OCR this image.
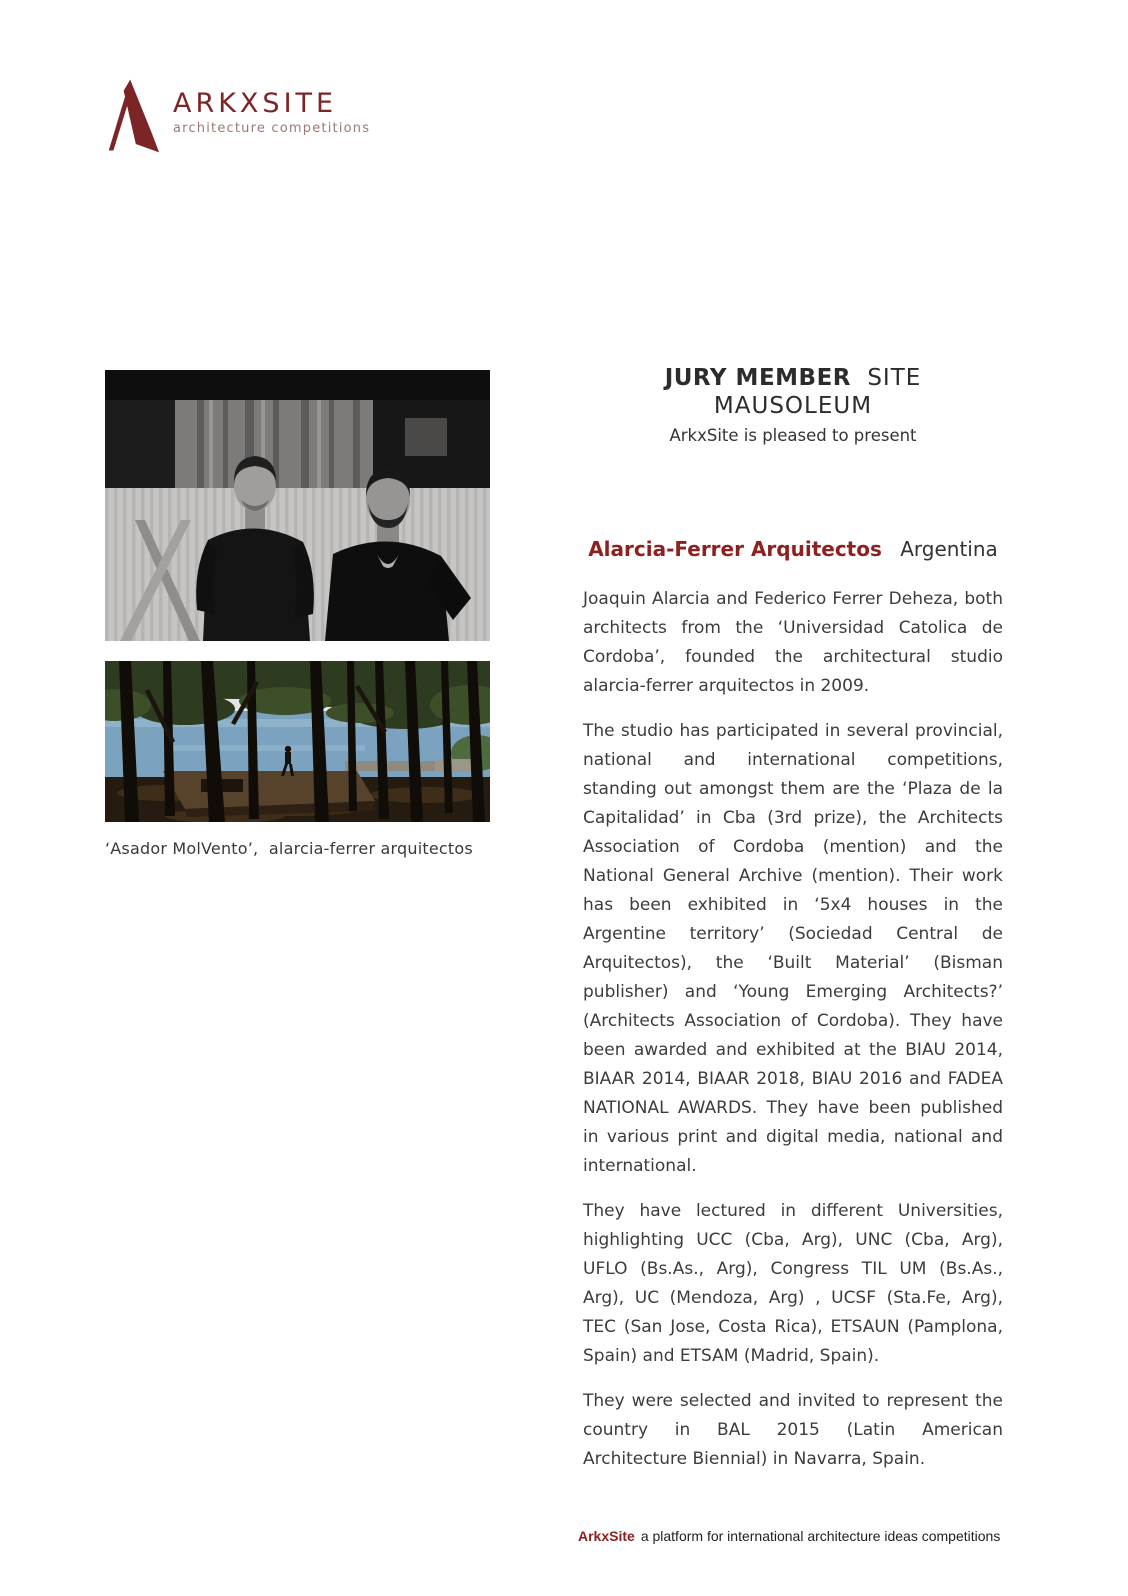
ARKXSITE
architecture competitions
‘Asador MolVento’,  alarcia-ferrer arquitectos
JURY MEMBER SITE MAUSOLEUM
ArkxSite is pleased to present
Alarcia-Ferrer Arquitectos Argentina

Joaquin Alarcia and Federico Ferrer Deheza, both architects from the ‘Universidad Catolica de Cordoba’, founded the architectural studio alarcia-ferrer arquitectos in 2009.

The studio has participated in several provincial, national and international competitions, standing out amongst them are the ‘Plaza de la Capitalidad’ in Cba (3rd prize), the Architects Association of Cordoba (mention) and the National General Archive (mention). Their work has been exhibited in ‘5x4 houses in the Argentine territory’ (Sociedad Central de Arquitectos), the ‘Built Material’ (Bisman publisher) and ‘Young Emerging Architects?’ (Architects Association of Cordoba). They have been awarded and exhibited at the BIAU 2014, BIAAR 2014, BIAAR 2018, BIAU 2016 and FADEA NATIONAL AWARDS. They have been published in various print and digital media, national and international.

They have lectured in different Universities, highlighting UCC (Cba, Arg), UNC (Cba, Arg), UFLO (Bs.As., Arg), Congress TIL UM (Bs.As., Arg), UC (Mendoza, Arg) , UCSF (Sta.Fe, Arg), TEC (San Jose, Costa Rica), ETSAUN (Pamplona, Spain) and ETSAM (Madrid, Spain).

They were selected and invited to represent the country in BAL 2015 (Latin American Architecture Biennial) in Navarra, Spain.

ArkxSite a platform for international architecture ideas competitions
